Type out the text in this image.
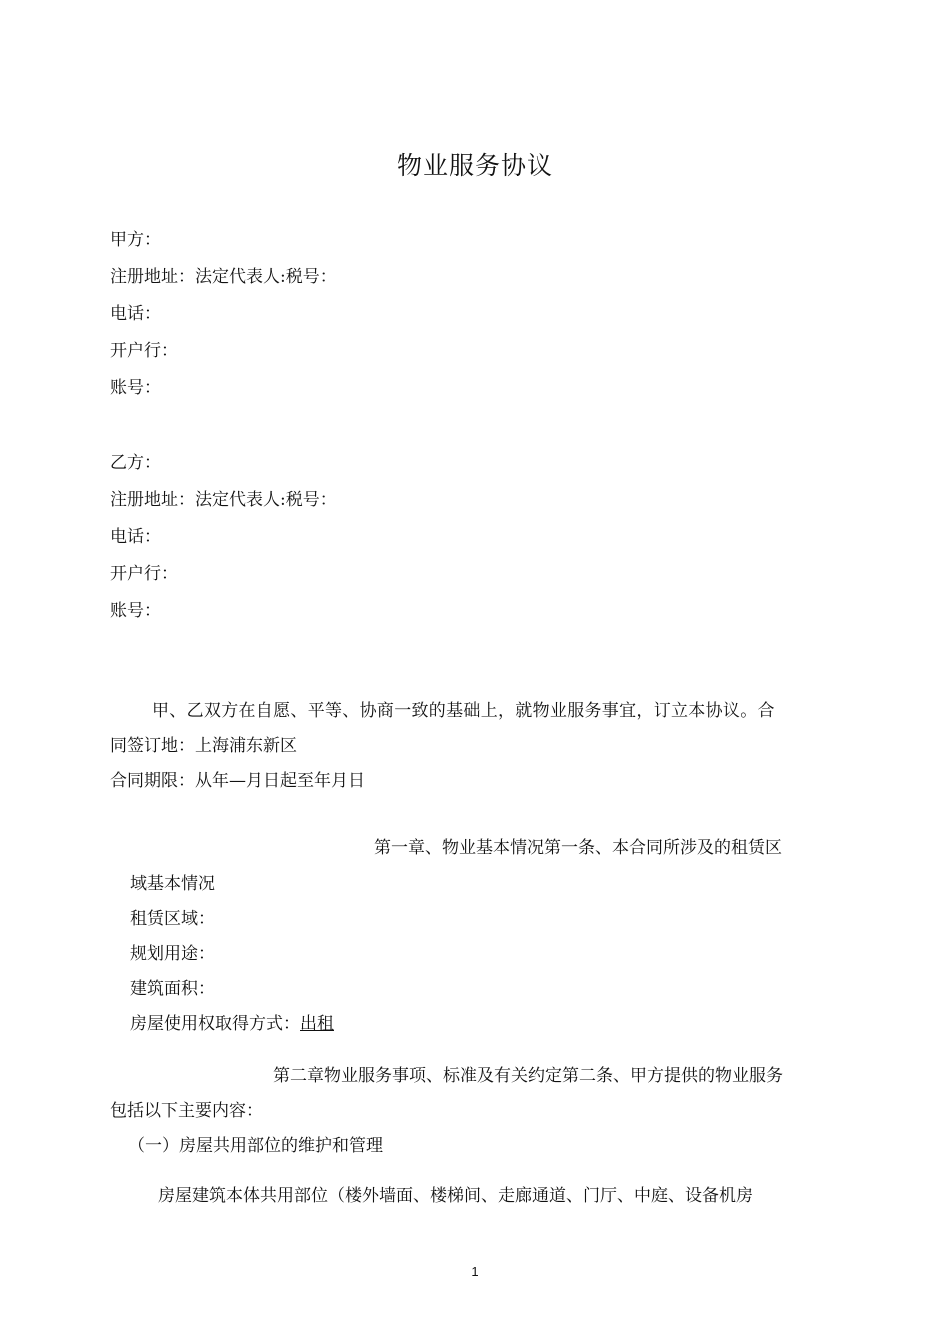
物业服务协议
甲方：
注册地址：法定代表人:税号：
电话：
开户行：
账号：
乙方：
注册地址：法定代表人:税号：
电话：
开户行：
账号：
甲、乙双方在自愿、平等、协商一致的基础上，就物业服务事宜，订立本协议。合
同签订地：上海浦东新区
合同期限：从年—月日起至年月日
第一章、物业基本情况第一条、本合同所涉及的租赁区
域基本情况
租赁区域：
规划用途：
建筑面积：
房屋使用权取得方式：出租
第二章物业服务事项、标准及有关约定第二条、甲方提供的物业服务
包括以下主要内容：
（一）房屋共用部位的维护和管理
房屋建筑本体共用部位（楼外墙面、楼梯间、走廊通道、门厅、中庭、设备机房
1
